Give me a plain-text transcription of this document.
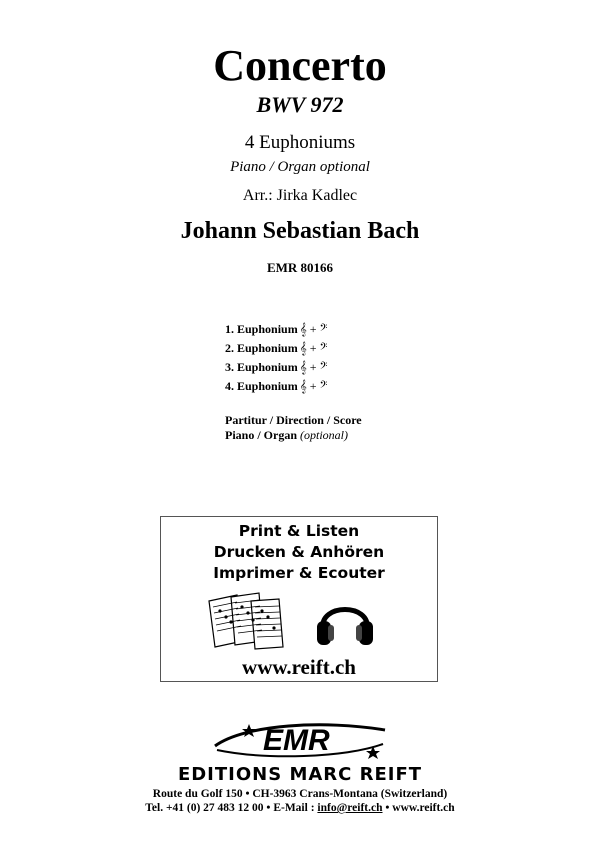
Concerto
BWV 972
4 Euphoniums
Piano / Organ optional
Arr.: Jirka Kadlec
Johann Sebastian Bach
EMR 80166
1. Euphonium 𝄞 + 𝄢
2. Euphonium 𝄞 + 𝄢
3. Euphonium 𝄞 + 𝄢
4. Euphonium 𝄞 + 𝄢
Partitur / Direction / Score
Piano / Organ (optional)
Print & Listen
Drucken & Anhören
Imprimer & Ecouter
www.reift.ch
EMR
EDITIONS MARC REIFT
Route du Golf 150 • CH-3963 Crans-Montana (Switzerland)
Tel. +41 (0) 27 483 12 00 • E-Mail : info@reift.ch • www.reift.ch
